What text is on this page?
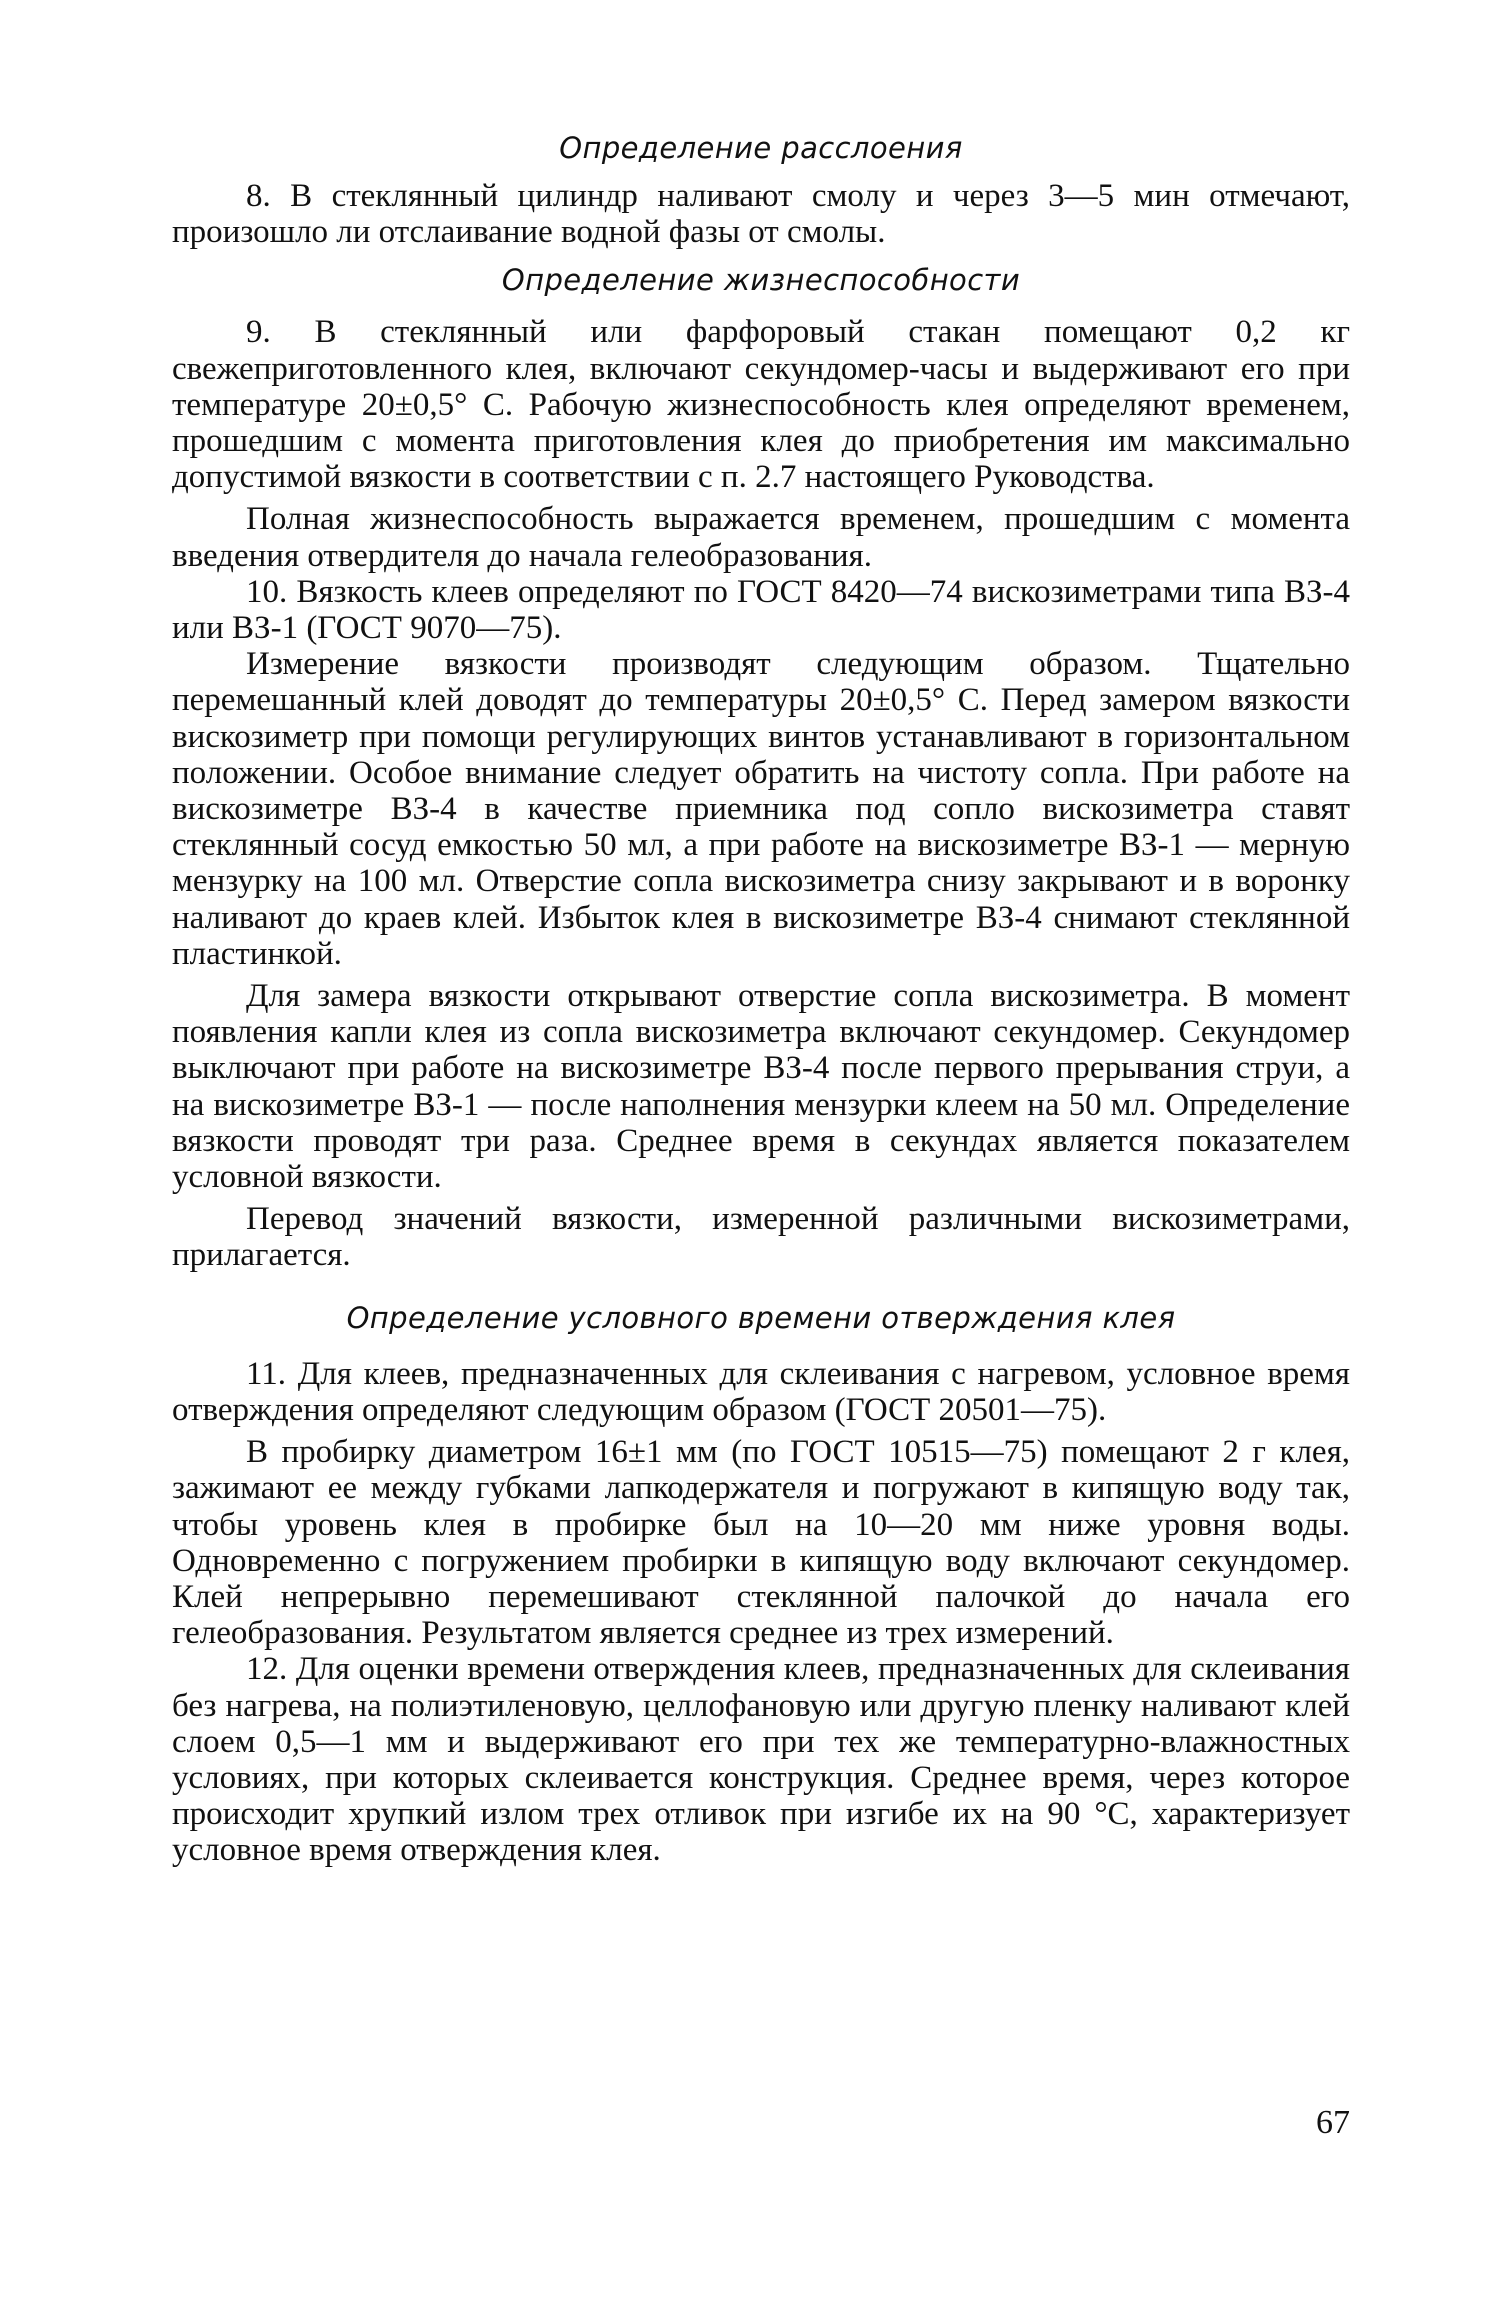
Определение расслоения

8. В стеклянный цилиндр наливают смолу и через 3—5 мин отмечают, произошло ли отслаивание водной фазы от смолы.

Определение жизнеспособности

9. В стеклянный или фарфоровый стакан помещают 0,2 кг свежеприготовленного клея, включают секундомер-часы и выдерживают его при температуре 20±0,5° С. Рабочую жизнеспособность клея определяют временем, прошедшим с момента приготовления клея до приобретения им максимально допустимой вязкости в соответствии с п. 2.7 настоящего Руководства.

Полная жизнеспособность выражается временем, прошедшим с момента введения отвердителя до начала гелеобразования.

10. Вязкость клеев определяют по ГОСТ 8420—74 вискозиметрами типа ВЗ-4 или ВЗ-1 (ГОСТ 9070—75).

Измерение вязкости производят следующим образом. Тщательно перемешанный клей доводят до температуры 20±0,5° С. Перед замером вязкости вискозиметр при помощи регулирующих винтов устанавливают в горизонтальном положении. Особое внимание следует обратить на чистоту сопла. При работе на вискозиметре ВЗ-4 в качестве приемника под сопло вискозиметра ставят стеклянный сосуд емкостью 50 мл, а при работе на вискозиметре ВЗ-1 — мерную мензурку на 100 мл. Отверстие сопла вискозиметра снизу закрывают и в воронку наливают до краев клей. Избыток клея в вискозиметре ВЗ-4 снимают стеклянной пластинкой.

Для замера вязкости открывают отверстие сопла вискозиметра. В момент появления капли клея из сопла вискозиметра включают секундомер. Секундомер выключают при работе на вискозиметре ВЗ-4 после первого прерывания струи, а на вискозиметре ВЗ-1 — после наполнения мензурки клеем на 50 мл. Определение вязкости проводят три раза. Среднее время в секундах является показателем условной вязкости.

Перевод значений вязкости, измеренной различными вискозиметрами, прилагается.

Определение условного времени отверждения клея

11. Для клеев, предназначенных для склеивания с нагревом, условное время отверждения определяют следующим образом (ГОСТ 20501—75).

В пробирку диаметром 16±1 мм (по ГОСТ 10515—75) помещают 2 г клея, зажимают ее между губками лапкодержателя и погружают в кипящую воду так, чтобы уровень клея в пробирке был на 10—20 мм ниже уровня воды. Одновременно с погружением пробирки в кипящую воду включают секундомер. Клей непрерывно перемешивают стеклянной палочкой до начала его гелеобразования. Результатом является среднее из трех измерений.

12. Для оценки времени отверждения клеев, предназначенных для склеивания без нагрева, на полиэтиленовую, целлофановую или другую пленку наливают клей слоем 0,5—1 мм и выдерживают его при тех же температурно-влажностных условиях, при которых склеивается конструкция. Среднее время, через которое происходит хрупкий излом трех отливок при изгибе их на 90 °С, характеризует условное время отверждения клея.

67
